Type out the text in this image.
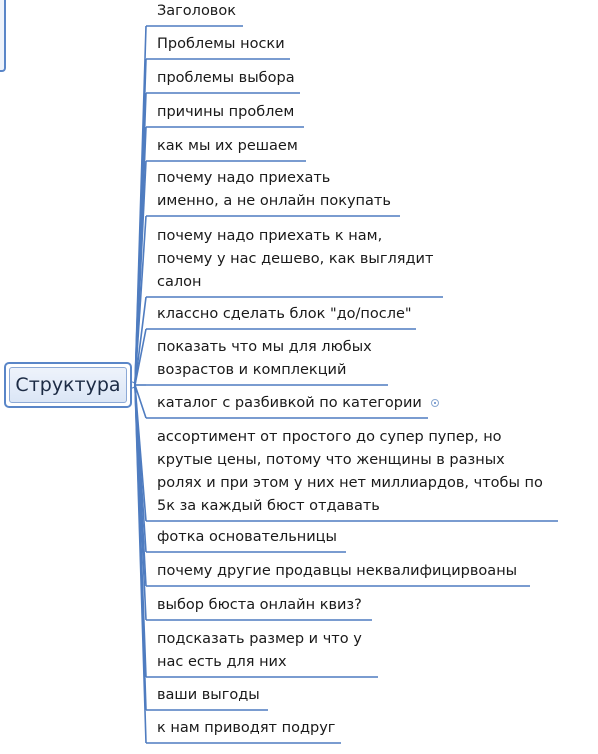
Структура
Заголовок
Проблемы носки
проблемы выбора
причины проблем
как мы их решаем
почему надо приехать
именно, а не онлайн покупать
почему надо приехать к нам,
почему у нас дешево, как выглядит
салон
классно сделать блок "до/после"
показать что мы для любых
возрастов и комплекций
каталог с разбивкой по категории
ассортимент от простого до супер пупер, но
крутые цены, потому что женщины в разных
ролях и при этом у них нет миллиардов, чтобы по
5к за каждый бюст отдавать
фотка основательницы
почему другие продавцы неквалифицирвоаны
выбор бюста онлайн квиз?
подсказать размер и что у
нас есть для них
ваши выгоды
к нам приводят подруг
